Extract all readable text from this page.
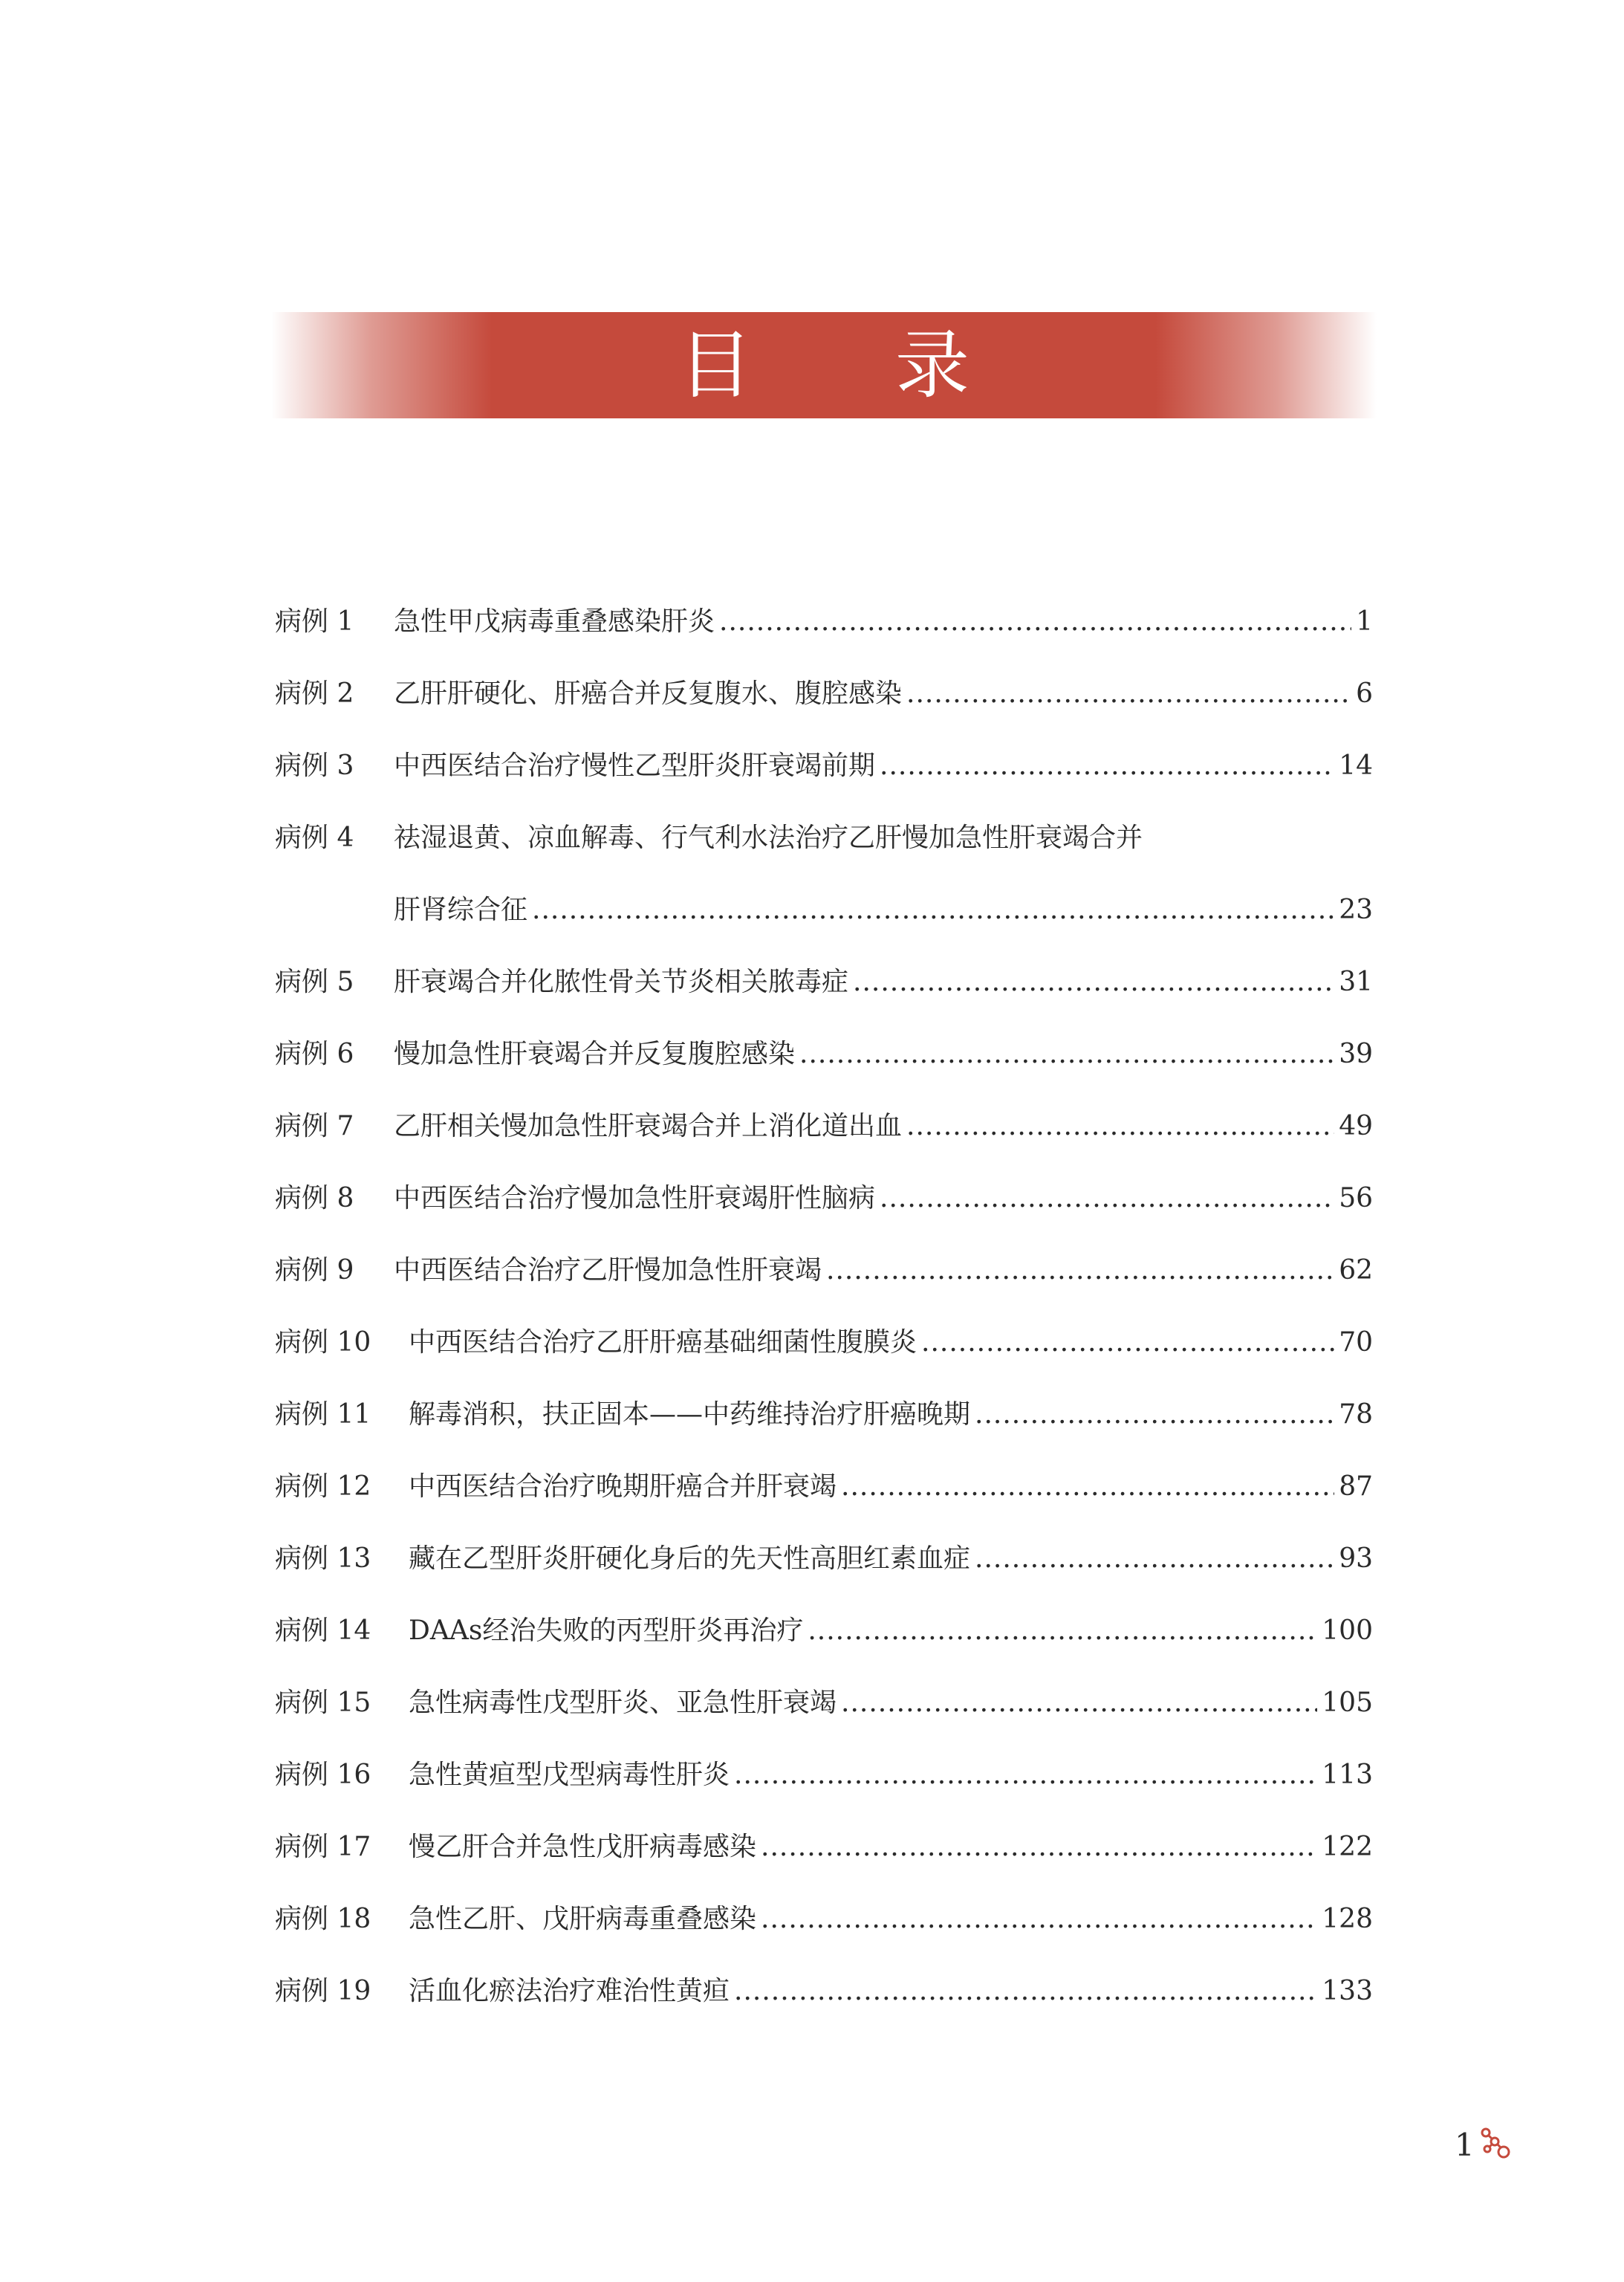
目 录
病例 1	急性甲戊病毒重叠感染肝炎 .....	1
病例 2	乙肝肝硬化、肝癌合并反复腹水、腹腔感染 .....	6
病例 3	中西医结合治疗慢性乙型肝炎肝衰竭前期 .....	14
病例 4	祛湿退黄、凉血解毒、行气利水法治疗乙肝慢加急性肝衰竭合并
肝肾综合征 .....	23
病例 5	肝衰竭合并化脓性骨关节炎相关脓毒症 .....	31
病例 6	慢加急性肝衰竭合并反复腹腔感染 .....	39
病例 7	乙肝相关慢加急性肝衰竭合并上消化道出血 .....	49
病例 8	中西医结合治疗慢加急性肝衰竭肝性脑病 .....	56
病例 9	中西医结合治疗乙肝慢加急性肝衰竭 .....	62
病例 10	中西医结合治疗乙肝肝癌基础细菌性腹膜炎 .....	70
病例 11	解毒消积，扶正固本——中药维持治疗肝癌晚期 .....	78
病例 12	中西医结合治疗晚期肝癌合并肝衰竭 .....	87
病例 13	藏在乙型肝炎肝硬化身后的先天性高胆红素血症 .....	93
病例 14	DAAs经治失败的丙型肝炎再治疗 .....	100
病例 15	急性病毒性戊型肝炎、亚急性肝衰竭 .....	105
病例 16	急性黄疸型戊型病毒性肝炎 .....	113
病例 17	慢乙肝合并急性戊肝病毒感染 .....	122
病例 18	急性乙肝、戊肝病毒重叠感染 .....	128
病例 19	活血化瘀法治疗难治性黄疸 .....	133
1
